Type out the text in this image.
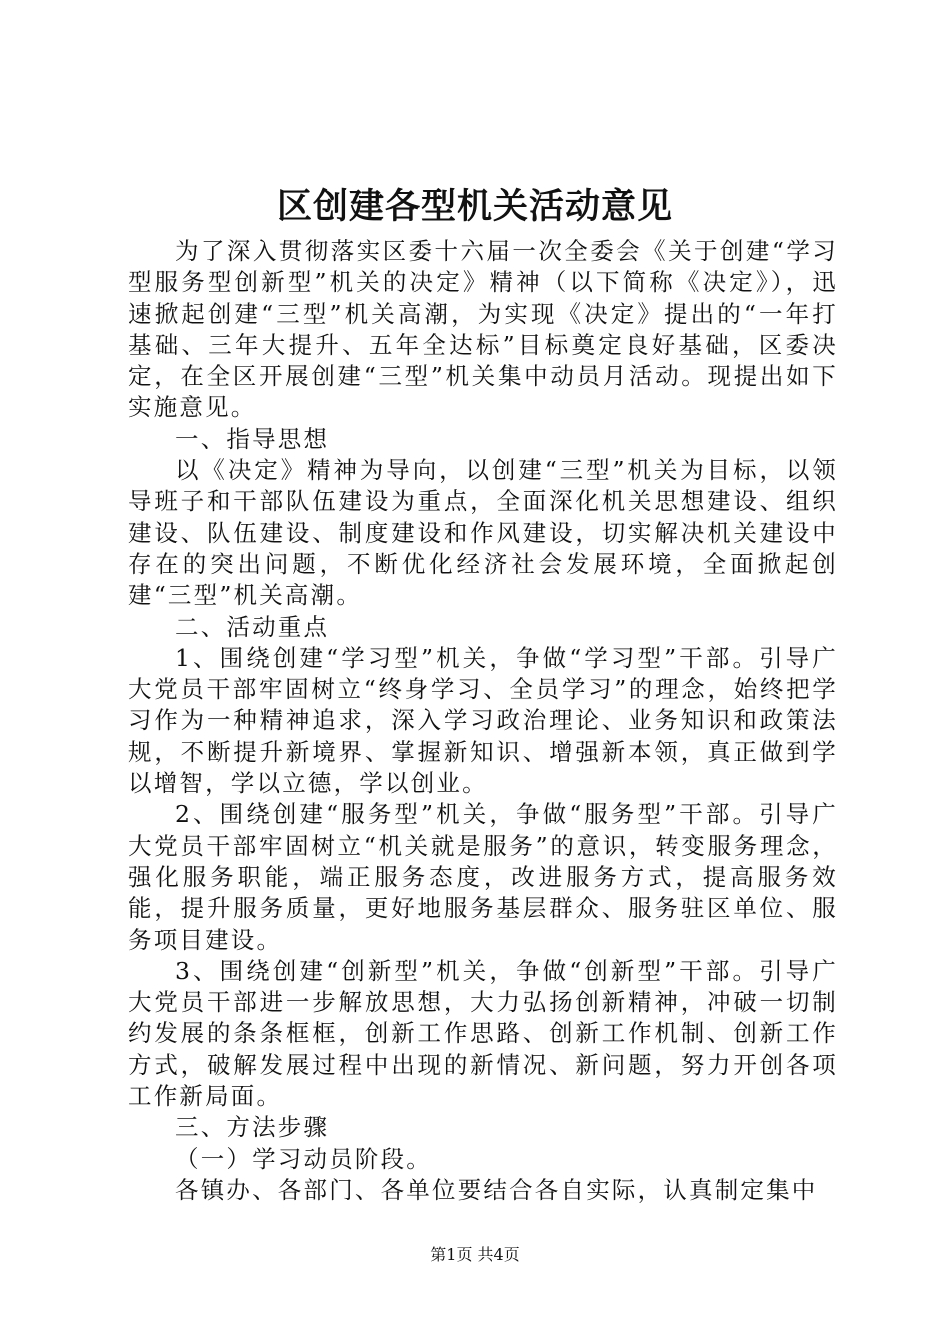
区创建各型机关活动意见

为了深入贯彻落实区委十六届一次全委会《关于创建“学习型服务型创新型”机关的决定》精神（以下简称《决定》），迅速掀起创建“三型”机关高潮，为实现《决定》提出的“一年打基础、三年大提升、五年全达标”目标奠定良好基础，区委决定，在全区开展创建“三型”机关集中动员月活动。现提出如下实施意见。

一、指导思想

以《决定》精神为导向，以创建“三型”机关为目标，以领导班子和干部队伍建设为重点，全面深化机关思想建设、组织建设、队伍建设、制度建设和作风建设，切实解决机关建设中存在的突出问题，不断优化经济社会发展环境，全面掀起创建“三型”机关高潮。

二、活动重点

1、围绕创建“学习型”机关，争做“学习型”干部。引导广大党员干部牢固树立“终身学习、全员学习”的理念，始终把学习作为一种精神追求，深入学习政治理论、业务知识和政策法规，不断提升新境界、掌握新知识、增强新本领，真正做到学以增智，学以立德，学以创业。

2、围绕创建“服务型”机关，争做“服务型”干部。引导广大党员干部牢固树立“机关就是服务”的意识，转变服务理念，强化服务职能，端正服务态度，改进服务方式，提高服务效能，提升服务质量，更好地服务基层群众、服务驻区单位、服务项目建设。

3、围绕创建“创新型”机关，争做“创新型”干部。引导广大党员干部进一步解放思想，大力弘扬创新精神，冲破一切制约发展的条条框框，创新工作思路、创新工作机制、创新工作方式，破解发展过程中出现的新情况、新问题，努力开创各项工作新局面。

三、方法步骤

（一）学习动员阶段。

各镇办、各部门、各单位要结合各自实际，认真制定集中

第1页 共4页
